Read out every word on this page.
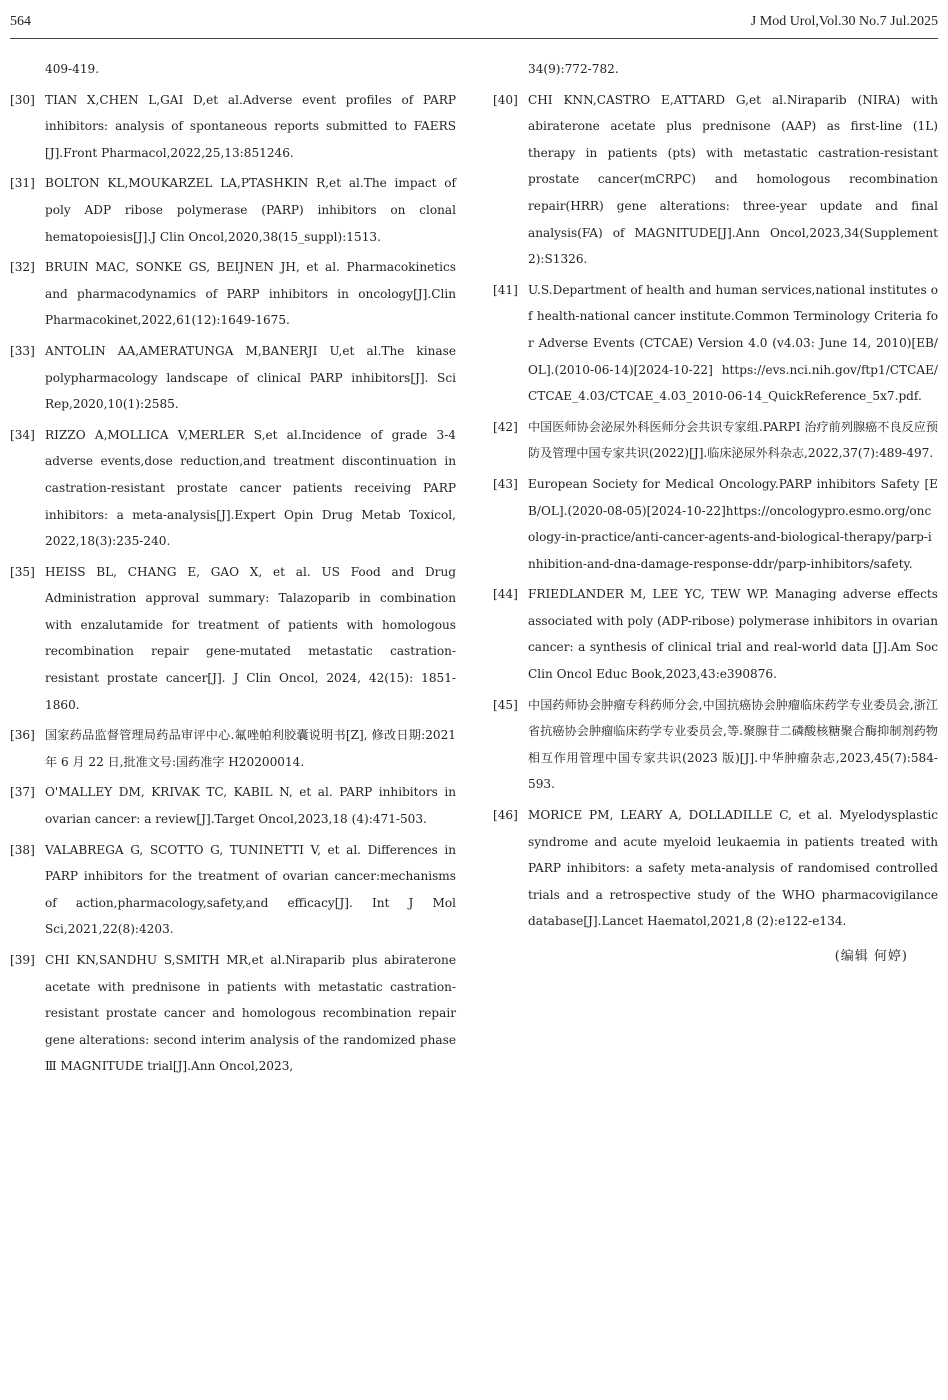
564	J Mod Urol,Vol.30 No.7 Jul.2025
409-419.
[30] TIAN X,CHEN L,GAI D,et al.Adverse event profiles of PARP inhibitors: analysis of spontaneous reports submitted to FAERS [J].Front Pharmacol,2022,25,13:851246.
[31] BOLTON KL,MOUKARZEL LA,PTASHKIN R,et al.The impact of poly ADP ribose polymerase (PARP) inhibitors on clonal hematopoiesis[J].J Clin Oncol,2020,38(15_suppl):1513.
[32] BRUIN MAC, SONKE GS, BEIJNEN JH, et al. Pharmacokinetics and pharmacodynamics of PARP inhibitors in oncology[J].Clin Pharmacokinet,2022,61(12):1649-1675.
[33] ANTOLIN AA,AMERATUNGA M,BANERJI U,et al.The kinase polypharmacology landscape of clinical PARP inhibitors[J]. Sci Rep,2020,10(1):2585.
[34] RIZZO A,MOLLICA V,MERLER S,et al.Incidence of grade 3-4 adverse events,dose reduction,and treatment discontinuation in castration-resistant prostate cancer patients receiving PARP inhibitors: a meta-analysis[J].Expert Opin Drug Metab Toxicol, 2022,18(3):235-240.
[35] HEISS BL, CHANG E, GAO X, et al. US Food and Drug Administration approval summary: Talazoparib in combination with enzalutamide for treatment of patients with homologous recombination repair gene-mutated metastatic castration-resistant prostate cancer[J]. J Clin Oncol, 2024, 42(15): 1851-1860.
[36] 国家药品监督管理局药品审评中心.氟唑帕利胶囊说明书[Z], 修改日期:2021 年 6 月 22 日,批准文号:国药准字 H20200014.
[37] O'MALLEY DM, KRIVAK TC, KABIL N, et al. PARP inhibitors in ovarian cancer: a review[J].Target Oncol,2023,18 (4):471-503.
[38] VALABREGA G, SCOTTO G, TUNINETTI V, et al. Differences in PARP inhibitors for the treatment of ovarian cancer:mechanisms of action,pharmacology,safety,and efficacy[J]. Int J Mol Sci,2021,22(8):4203.
[39] CHI KN,SANDHU S,SMITH MR,et al.Niraparib plus abiraterone acetate with prednisone in patients with metastatic castration-resistant prostate cancer and homologous recombination repair gene alterations: second interim analysis of the randomized phase Ⅲ MAGNITUDE trial[J].Ann Oncol,2023,
34(9):772-782.
[40] CHI KNN,CASTRO E,ATTARD G,et al.Niraparib (NIRA) with abiraterone acetate plus prednisone (AAP) as first-line (1L) therapy in patients (pts) with metastatic castration-resistant prostate cancer(mCRPC) and homologous recombination repair(HRR) gene alterations: three-year update and final analysis(FA) of MAGNITUDE[J].Ann Oncol,2023,34(Supplement 2):S1326.
[41] U.S.Department of health and human services,national institutes of health-national cancer institute.Common Terminology Criteria for Adverse Events (CTCAE) Version 4.0 (v4.03: June 14, 2010)[EB/OL].(2010-06-14)[2024-10-22] https://evs.nci.nih.gov/ftp1/CTCAE/CTCAE_4.03/CTCAE_4.03_2010-06-14_QuickReference_5x7.pdf.
[42] 中国医师协会泌尿外科医师分会共识专家组.PARPI 治疗前列腺癌不良反应预防及管理中国专家共识(2022)[J].临床泌尿外科杂志,2022,37(7):489-497.
[43] European Society for Medical Oncology.PARP inhibitors Safety [EB/OL].(2020-08-05)[2024-10-22]https://oncologypro.esmo.org/oncology-in-practice/anti-cancer-agents-and-biological-therapy/parp-inhibition-and-dna-damage-response-ddr/parp-inhibitors/safety.
[44] FRIEDLANDER M, LEE YC, TEW WP. Managing adverse effects associated with poly (ADP-ribose) polymerase inhibitors in ovarian cancer: a synthesis of clinical trial and real-world data [J].Am Soc Clin Oncol Educ Book,2023,43:e390876.
[45] 中国药师协会肿瘤专科药师分会,中国抗癌协会肿瘤临床药学专业委员会,浙江省抗癌协会肿瘤临床药学专业委员会,等.聚腺苷二磷酸核糖聚合酶抑制剂药物相互作用管理中国专家共识(2023 版)[J].中华肿瘤杂志,2023,45(7):584-593.
[46] MORICE PM, LEARY A, DOLLADILLE C, et al. Myelodysplastic syndrome and acute myeloid leukaemia in patients treated with PARP inhibitors: a safety meta-analysis of randomised controlled trials and a retrospective study of the WHO pharmacovigilance database[J].Lancet Haematol,2021,8 (2):e122-e134.
(编辑 何婷)
